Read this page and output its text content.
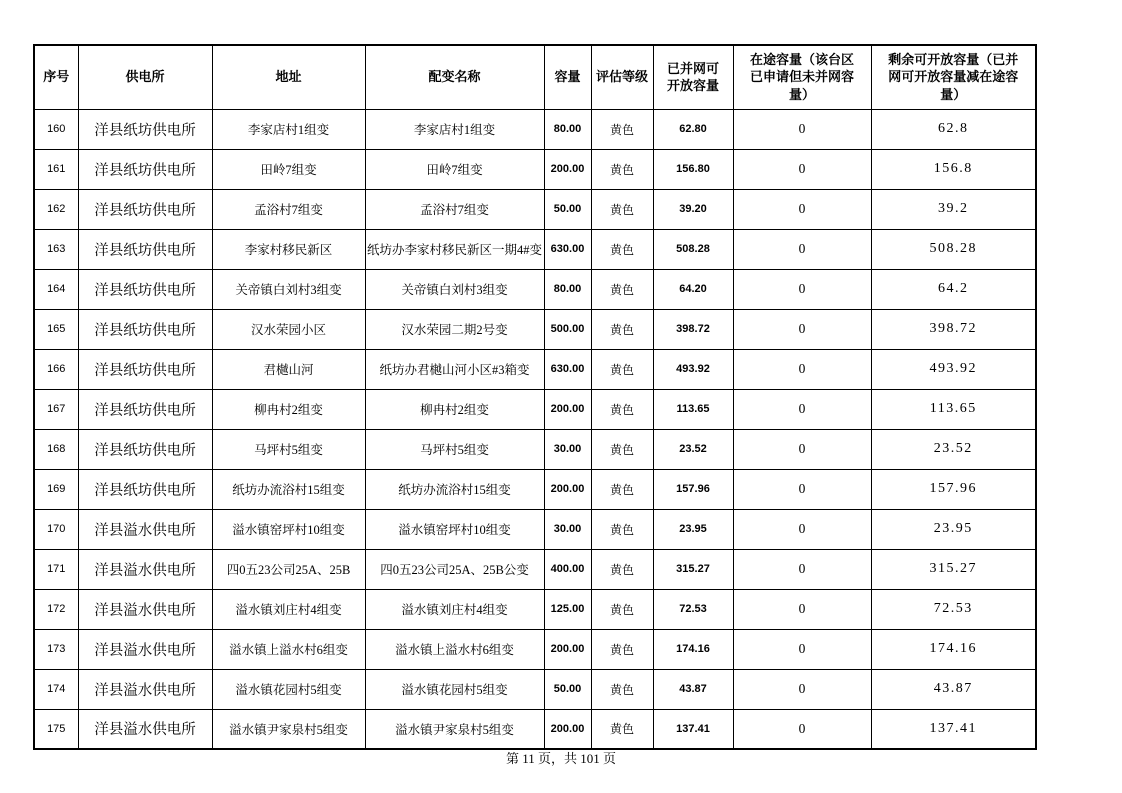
序号	供电所	地址	配变名称	容量	评估等级	已并网可开放容量	在途容量（该台区已申请但未并网容量）	剩余可开放容量（已并网可开放容量减在途容量）
160	洋县纸坊供电所	李家店村1组变	李家店村1组变	80.00	黄色	62.80	0	62.8
161	洋县纸坊供电所	田岭7组变	田岭7组变	200.00	黄色	156.80	0	156.8
162	洋县纸坊供电所	孟浴村7组变	孟浴村7组变	50.00	黄色	39.20	0	39.2
163	洋县纸坊供电所	李家村移民新区	纸坊办李家村移民新区一期4#变	630.00	黄色	508.28	0	508.28
164	洋县纸坊供电所	关帝镇白刘村3组变	关帝镇白刘村3组变	80.00	黄色	64.20	0	64.2
165	洋县纸坊供电所	汉水荣园小区	汉水荣园二期2号变	500.00	黄色	398.72	0	398.72
166	洋县纸坊供电所	君樾山河	纸坊办君樾山河小区#3箱变	630.00	黄色	493.92	0	493.92
167	洋县纸坊供电所	柳冉村2组变	柳冉村2组变	200.00	黄色	113.65	0	113.65
168	洋县纸坊供电所	马坪村5组变	马坪村5组变	30.00	黄色	23.52	0	23.52
169	洋县纸坊供电所	纸坊办流浴村15组变	纸坊办流浴村15组变	200.00	黄色	157.96	0	157.96
170	洋县溢水供电所	溢水镇窑坪村10组变	溢水镇窑坪村10组变	30.00	黄色	23.95	0	23.95
171	洋县溢水供电所	四0五23公司25A、25B	四0五23公司25A、25B公变	400.00	黄色	315.27	0	315.27
172	洋县溢水供电所	溢水镇刘庄村4组变	溢水镇刘庄村4组变	125.00	黄色	72.53	0	72.53
173	洋县溢水供电所	溢水镇上溢水村6组变	溢水镇上溢水村6组变	200.00	黄色	174.16	0	174.16
174	洋县溢水供电所	溢水镇花园村5组变	溢水镇花园村5组变	50.00	黄色	43.87	0	43.87
175	洋县溢水供电所	溢水镇尹家泉村5组变	溢水镇尹家泉村5组变	200.00	黄色	137.41	0	137.41
第 11 页，共 101 页
